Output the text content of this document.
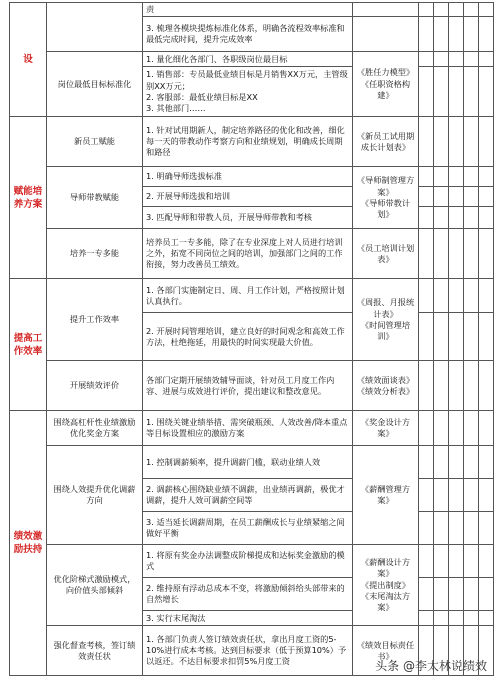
设		责						
		3. 梳理各模块提炼标准化体系，明确各流程效率标准和最低完成时间，提升完成效率						
	岗位最低目标标准化	1. 量化细化各部门、各职级岗位最目标	《胜任力模型》
《任职资格构建》					
		1. 销售部：专员最低业绩目标是月销售XX万元，主管级别XX万元；
2. 客服部：最低业绩目标是XX
3. 其他部门……						
赋能培养方案	新员工赋能	1. 针对试用期新人，制定培养路径的优化和改善，细化每一天的带教动作考察方向和业绩规划，明确成长周期和路径	《新员工试用期成长计划表》					
	导师带教赋能	1. 明确导师选拔标准	《导师制管理方案》
《导师带教计划》					
		2. 开展导师选拔和培训						
		3. 匹配导师和带教人员，开展导师带教和考核						
	培养一专多能	培养员工一专多能，除了在专业深度上对人员进行培训之外，拓宽不同岗位之间的培训，加强部门之间的工作衔接，努力改善员工绩效。	《员工培训计划表》					
提高工作效率	提升工作效率	1. 各部门实施制定日、周、月工作计划，严格按照计划认真执行。	《周报、月报统计表》
《时间管理培训》					
		2. 开展时间管理培训，建立良好的时间观念和高效工作方法，杜绝拖延，用最快的时间实现最大价值。						
	开展绩效评价	各部门定期开展绩效辅导面谈，针对员工月度工作内容、进展与成效进行评价，提出建议和整改意见。	《绩效面谈表》
《绩效分析表》					
绩效激励扶持	围绕高杠杆性业绩激励优化奖金方案	1. 围绕关键业绩举措、需突破瓶颈、人效改善/降本重点等目标设置相应的激励方案	《奖金设计方案》					
	围绕人效提升优化调薪方向	1. 控制调薪频率，提升调薪门槛，联动业绩人效	《薪酬管理方案》					
		2. 调薪核心围绕缺业绩不调薪，出业绩再调薪，极优才调薪，提升人效可调薪空间等						
		3. 适当延长调薪周期，在员工薪酬成长与业绩紧缩之间做好平衡						
	优化阶梯式激励模式，向价值头部倾斜	1. 将原有奖金办法调整成阶梯提成和达标奖金激励的模式	《薪酬设计方案》
《提出制度》
《末尾淘汰方案》					
		2. 维持原有浮动总成本不变，将激励倾斜给头部带来的自然增长						
		3. 实行末尾淘汰						
	强化督查考核，签订绩效责任状	1. 各部门负责人签订绩效责任状，拿出月度工资的5-10%进行成本考核。达到目标要求（低于预算10%）予以返还。不达目标要求扣罚5%月度工资	《绩效目标责任书》					
头条 @李太林说绩效
